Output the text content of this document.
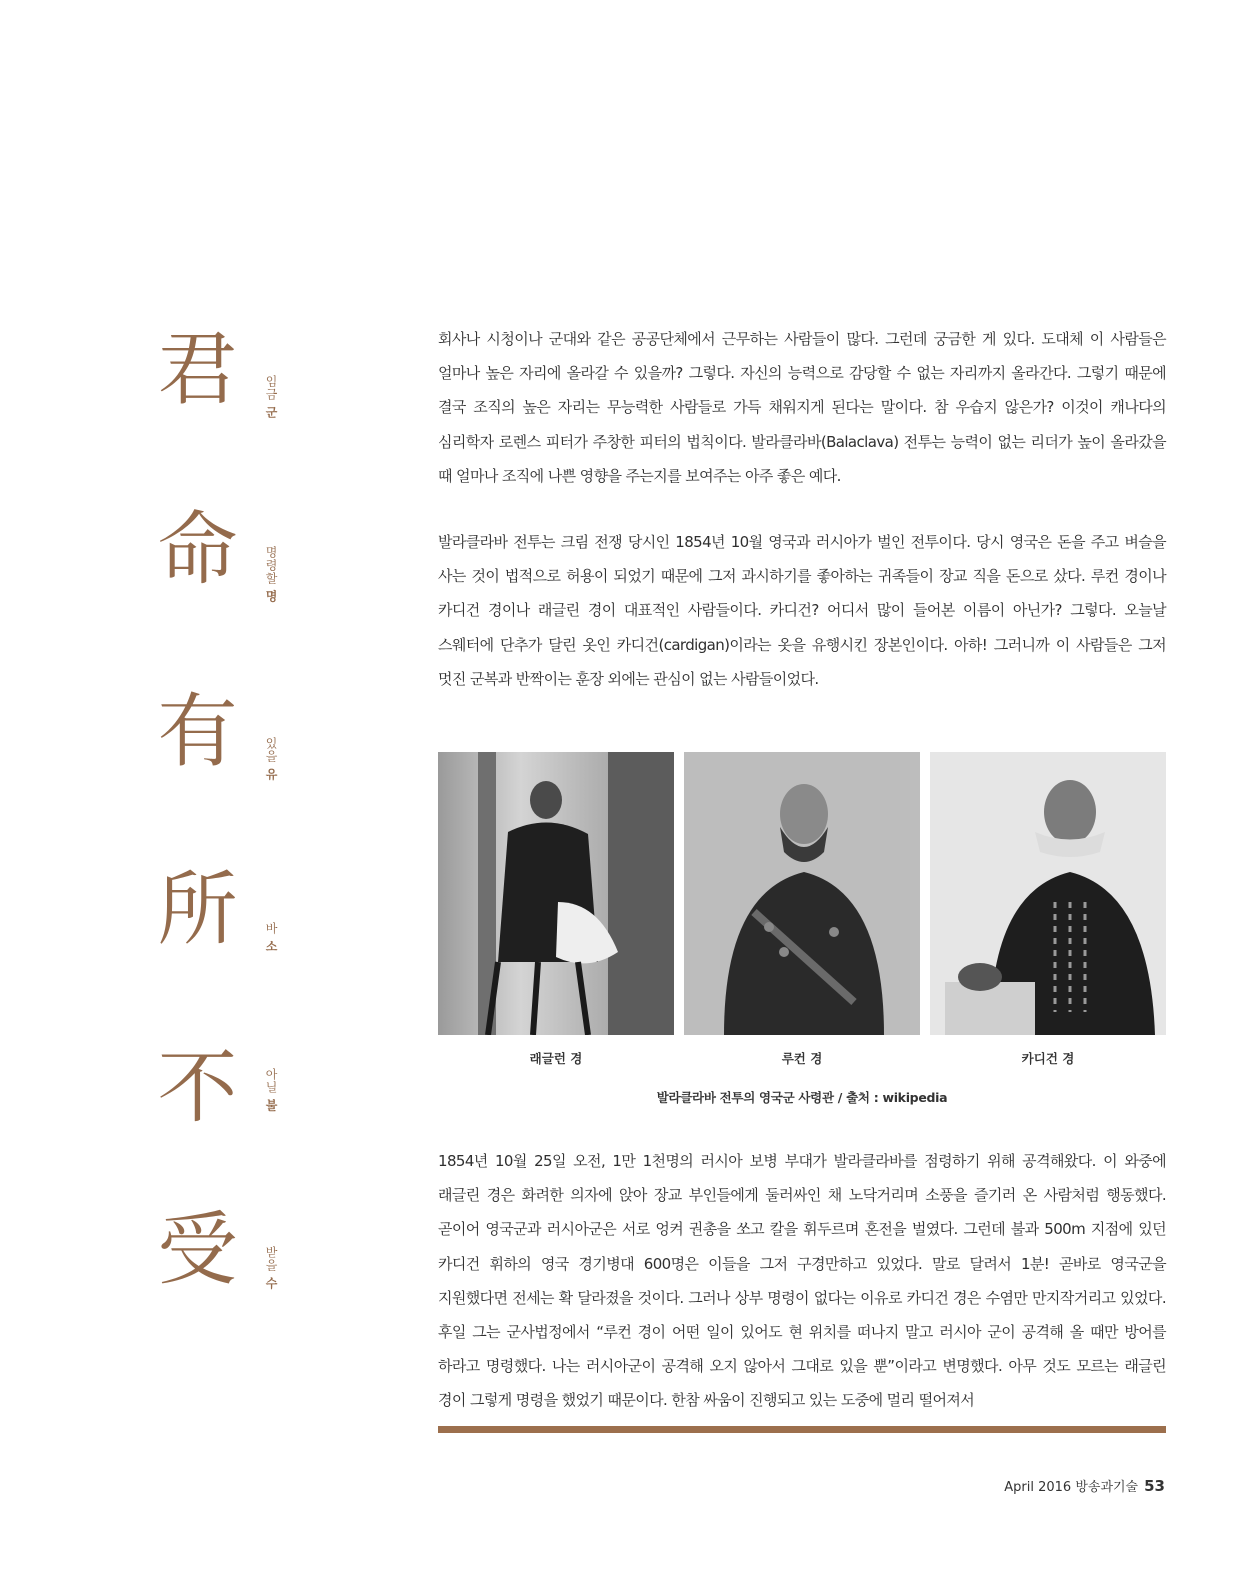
君
命
有
所
不
受
임금 군
명령할 명
있을 유
바 소
아닐 불
받을 수

회사나 시청이나 군대와 같은 공공단체에서 근무하는 사람들이 많다. 그런데 궁금한 게 있다. 도대체 이 사람들은 얼마나 높은 자리에 올라갈 수 있을까? 그렇다. 자신의 능력으로 감당할 수 없는 자리까지 올라간다. 그렇기 때문에 결국 조직의 높은 자리는 무능력한 사람들로 가득 채워지게 된다는 말이다. 참 우습지 않은가? 이것이 캐나다의 심리학자 로렌스 피터가 주창한 피터의 법칙이다. 발라클라바(Balaclava) 전투는 능력이 없는 리더가 높이 올라갔을 때 얼마나 조직에 나쁜 영향을 주는지를 보여주는 아주 좋은 예다.

발라클라바 전투는 크림 전쟁 당시인 1854년 10월 영국과 러시아가 벌인 전투이다. 당시 영국은 돈을 주고 벼슬을 사는 것이 법적으로 허용이 되었기 때문에 그저 과시하기를 좋아하는 귀족들이 장교 직을 돈으로 샀다. 루컨 경이나 카디건 경이나 래글린 경이 대표적인 사람들이다. 카디건? 어디서 많이 들어본 이름이 아닌가? 그렇다. 오늘날 스웨터에 단추가 달린 옷인 카디건(cardigan)이라는 옷을 유행시킨 장본인이다. 아하! 그러니까 이 사람들은 그저 멋진 군복과 반짝이는 훈장 외에는 관심이 없는 사람들이었다.

래글런 경	루컨 경	카디건 경
발라클라바 전투의 영국군 사령관 / 출처 : wikipedia

1854년 10월 25일 오전, 1만 1천명의 러시아 보병 부대가 발라클라바를 점령하기 위해 공격해왔다. 이 와중에 래글린 경은 화려한 의자에 앉아 장교 부인들에게 둘러싸인 채 노닥거리며 소풍을 즐기러 온 사람처럼 행동했다. 곧이어 영국군과 러시아군은 서로 엉켜 권총을 쏘고 칼을 휘두르며 혼전을 벌였다. 그런데 불과 500m 지점에 있던 카디건 휘하의 영국 경기병대 600명은 이들을 그저 구경만하고 있었다. 말로 달려서 1분! 곧바로 영국군을 지원했다면 전세는 확 달라졌을 것이다. 그러나 상부 명령이 없다는 이유로 카디건 경은 수염만 만지작거리고 있었다. 후일 그는 군사법정에서 “루컨 경이 어떤 일이 있어도 현 위치를 떠나지 말고 러시아 군이 공격해 올 때만 방어를 하라고 명령했다. 나는 러시아군이 공격해 오지 않아서 그대로 있을 뿐”이라고 변명했다. 아무 것도 모르는 래글린 경이 그렇게 명령을 했었기 때문이다. 한참 싸움이 진행되고 있는 도중에 멀리 떨어져서

April 2016 방송과기술 53
